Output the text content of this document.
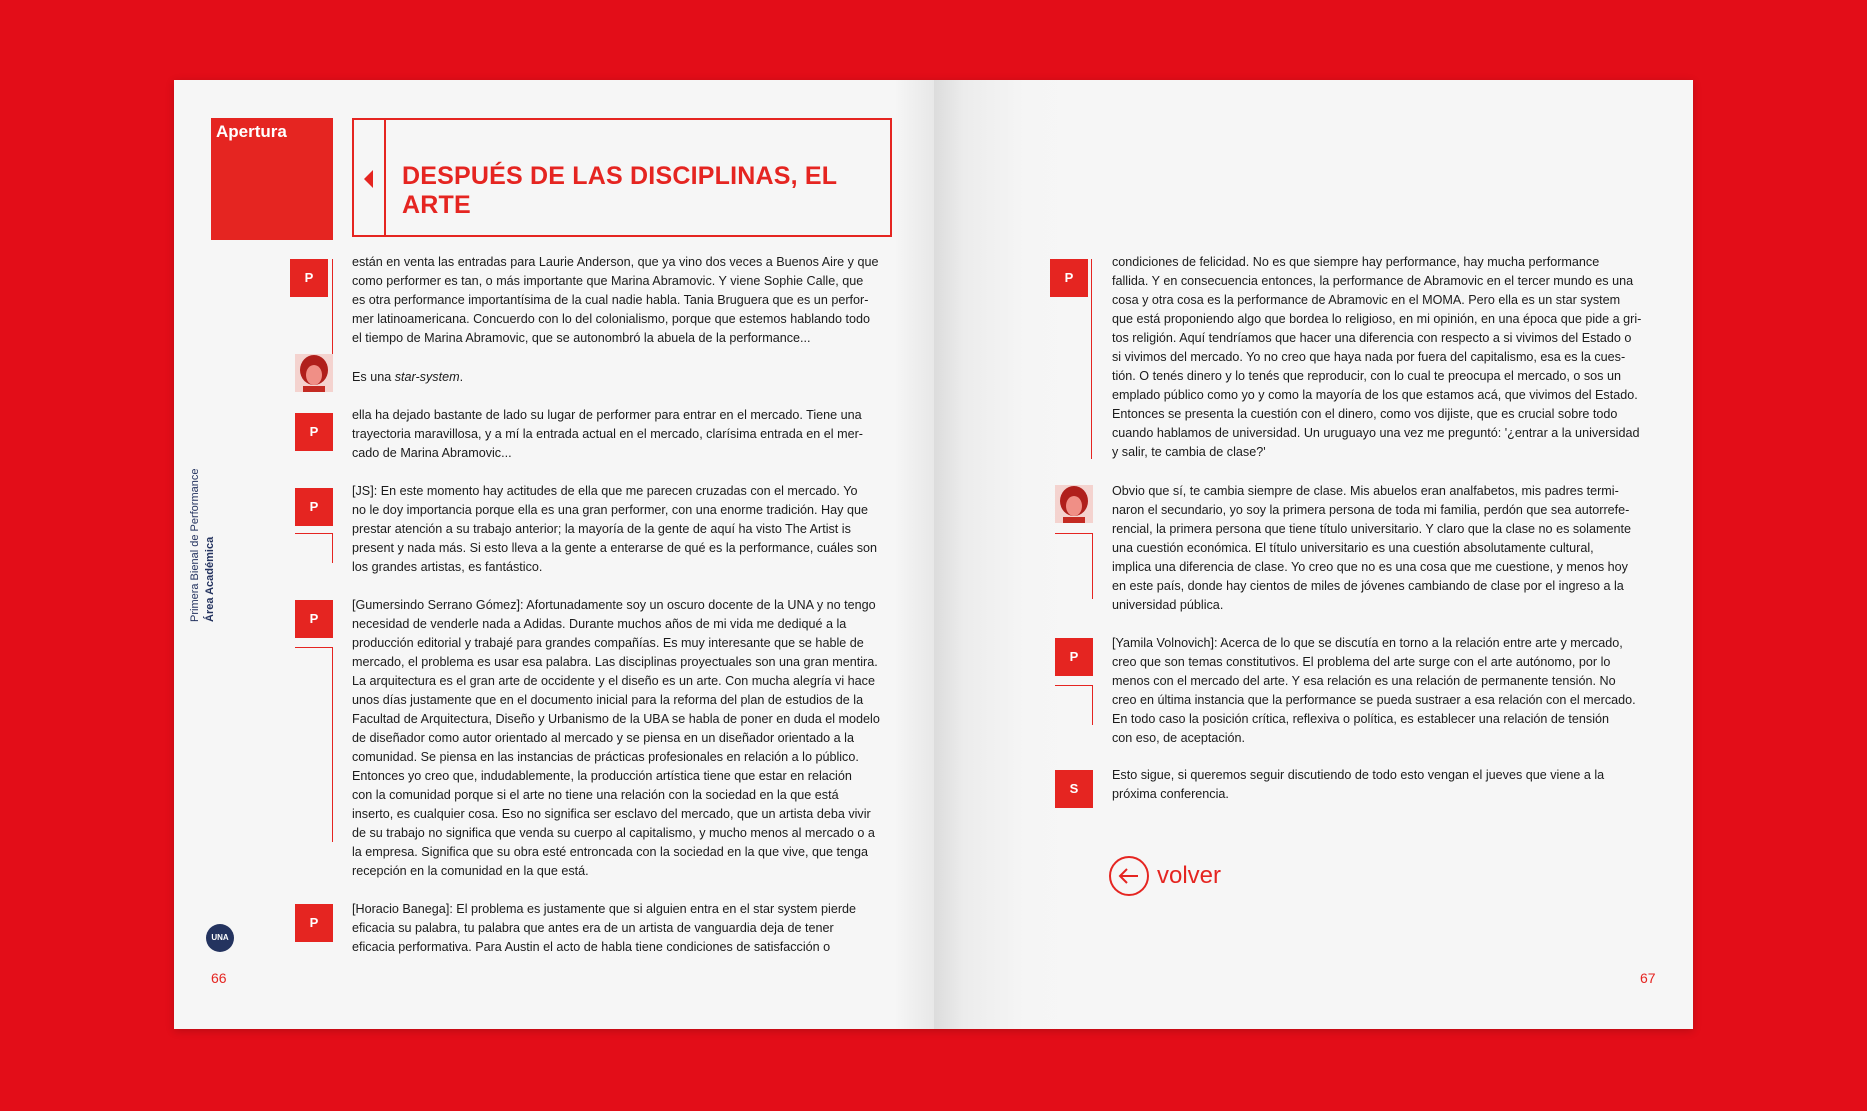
Apertura
DESPUÉS DE LAS DISCIPLINAS, EL ARTE
P

están en venta las entradas para Laurie Anderson, que ya vino dos veces a Buenos Aire y que
como performer es tan, o más importante que Marina Abramovic. Y viene Sophie Calle, que
es otra performance importantísima de la cual nadie habla. Tania Bruguera que es un perfor-
mer latinoamericana. Concuerdo con lo del colonialismo, porque que estemos hablando todo
el tiempo de Marina Abramovic, que se autonombró la abuela de la performance...

Es una star-system.

P

ella ha dejado bastante de lado su lugar de performer para entrar en el mercado. Tiene una
trayectoria maravillosa, y a mí la entrada actual en el mercado, clarísima entrada en el mer-
cado de Marina Abramovic...

P

[JS]: En este momento hay actitudes de ella que me parecen cruzadas con el mercado. Yo
no le doy importancia porque ella es una gran performer, con una enorme tradición. Hay que
prestar atención a su trabajo anterior; la mayoría de la gente de aquí ha visto The Artist is
present y nada más. Si esto lleva a la gente a enterarse de qué es la performance, cuáles son
los grandes artistas, es fantástico.

P

[Gumersindo Serrano Gómez]: Afortunadamente soy un oscuro docente de la UNA y no tengo
necesidad de venderle nada a Adidas. Durante muchos años de mi vida me dediqué a la
producción editorial y trabajé para grandes compañías. Es muy interesante que se hable de
mercado, el problema es usar esa palabra. Las disciplinas proyectuales son una gran mentira.
La arquitectura es el gran arte de occidente y el diseño es un arte. Con mucha alegría vi hace
unos días justamente que en el documento inicial para la reforma del plan de estudios de la
Facultad de Arquitectura, Diseño y Urbanismo de la UBA se habla de poner en duda el modelo
de diseñador como autor orientado al mercado y se piensa en un diseñador orientado a la
comunidad. Se piensa en las instancias de prácticas profesionales en relación a lo público.
Entonces yo creo que, indudablemente, la producción artística tiene que estar en relación
con la comunidad porque si el arte no tiene una relación con la sociedad en la que está
inserto, es cualquier cosa. Eso no significa ser esclavo del mercado, que un artista deba vivir
de su trabajo no significa que venda su cuerpo al capitalismo, y mucho menos al mercado o a
la empresa. Significa que su obra esté entroncada con la sociedad en la que vive, que tenga
recepción en la comunidad en la que está.

P

[Horacio Banega]: El problema es justamente que si alguien entra en el star system pierde
eficacia su palabra, tu palabra que antes era de un artista de vanguardia deja de tener
eficacia performativa. Para Austin el acto de habla tiene condiciones de satisfacción o

Primera Bienal de Performance Área Académica
UNA
66
P

condiciones de felicidad. No es que siempre hay performance, hay mucha performance
fallida. Y en consecuencia entonces, la performance de Abramovic en el tercer mundo es una
cosa y otra cosa es la performance de Abramovic en el MOMA. Pero ella es un star system
que está proponiendo algo que bordea lo religioso, en mi opinión, en una época que pide a gri-
tos religión. Aquí tendríamos que hacer una diferencia con respecto a si vivimos del Estado o
si vivimos del mercado. Yo no creo que haya nada por fuera del capitalismo, esa es la cues-
tión. O tenés dinero y lo tenés que reproducir, con lo cual te preocupa el mercado, o sos un
emplado público como yo y como la mayoría de los que estamos acá, que vivimos del Estado.
Entonces se presenta la cuestión con el dinero, como vos dijiste, que es crucial sobre todo
cuando hablamos de universidad. Un uruguayo una vez me preguntó: '¿entrar a la universidad
y salir, te cambia de clase?'

Obvio que sí, te cambia siempre de clase. Mis abuelos eran analfabetos, mis padres termi-
naron el secundario, yo soy la primera persona de toda mi familia, perdón que sea autorrefe-
rencial, la primera persona que tiene título universitario. Y claro que la clase no es solamente
una cuestión económica. El título universitario es una cuestión absolutamente cultural,
implica una diferencia de clase. Yo creo que no es una cosa que me cuestione, y menos hoy
en este país, donde hay cientos de miles de jóvenes cambiando de clase por el ingreso a la
universidad pública.

P

[Yamila Volnovich]: Acerca de lo que se discutía en torno a la relación entre arte y mercado,
creo que son temas constitutivos. El problema del arte surge con el arte autónomo, por lo
menos con el mercado del arte. Y esa relación es una relación de permanente tensión. No
creo en última instancia que la performance se pueda sustraer a esa relación con el mercado.
En todo caso la posición crítica, reflexiva o política, es establecer una relación de tensión
con eso, de aceptación.

S

Esto sigue, si queremos seguir discutiendo de todo esto vengan el jueves que viene a la
próxima conferencia.

volver
67
